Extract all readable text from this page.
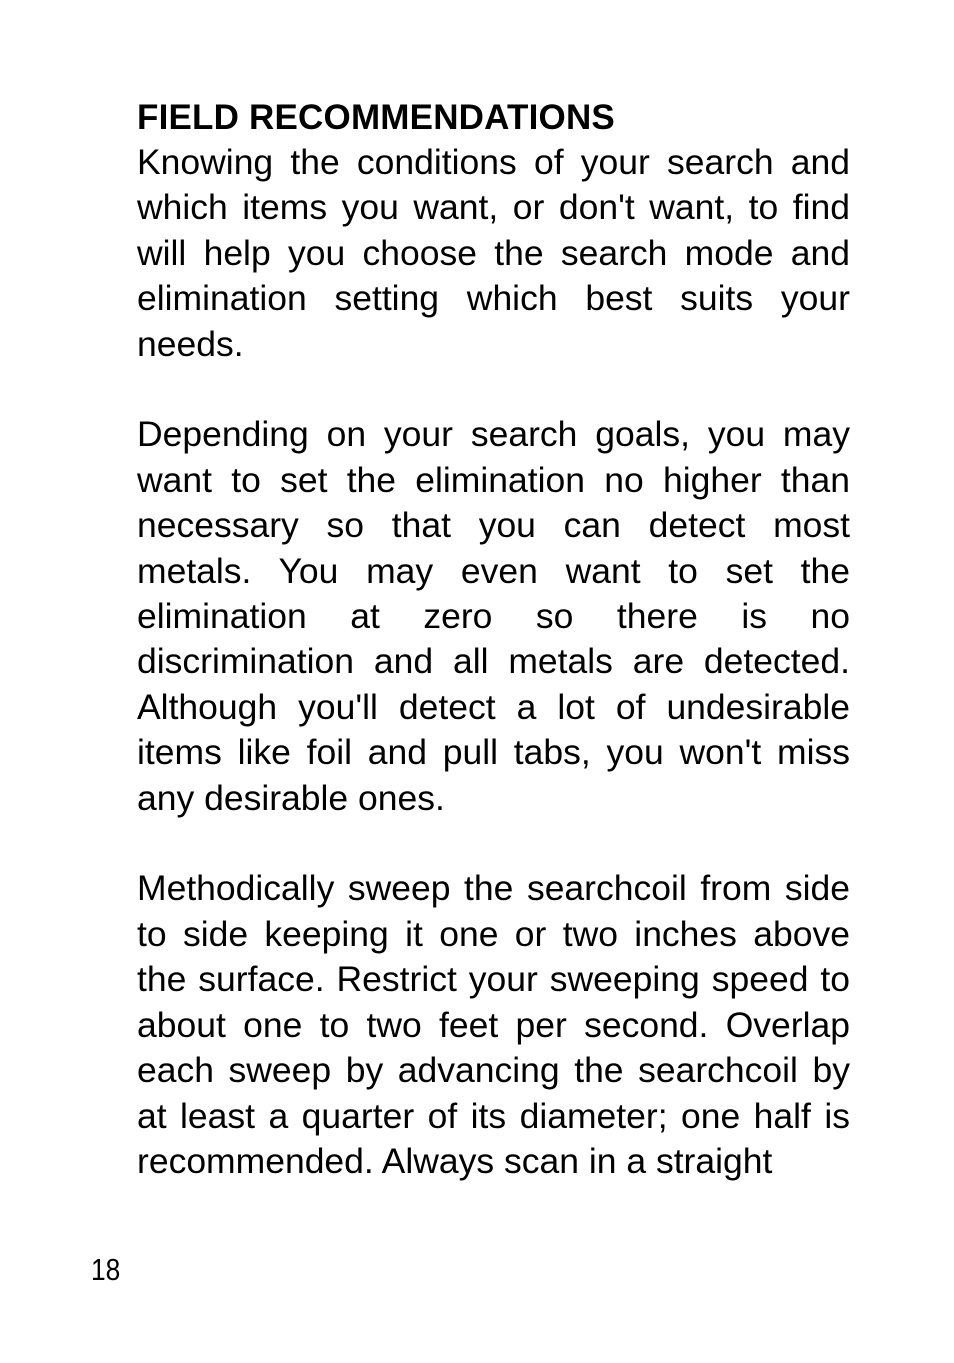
FIELD RECOMMENDATIONS

Knowing the conditions of your search and which items you want, or don't want, to find will help you choose the search mode and elimination setting which best suits your needs.

Depending on your search goals, you may want to set the elimination no higher than necessary so that you can detect most metals. You may even want to set the elimination at zero so there is no discrimination and all metals are detected. Although you'll detect a lot of undesirable items like foil and pull tabs, you won't miss any desirable ones.

Methodically sweep the searchcoil from side to side keeping it one or two inches above the surface. Restrict your sweeping speed to about one to two feet per second. Overlap each sweep by advancing the searchcoil by at least a quarter of its diameter; one half is recommended. Always scan in a straight

18
